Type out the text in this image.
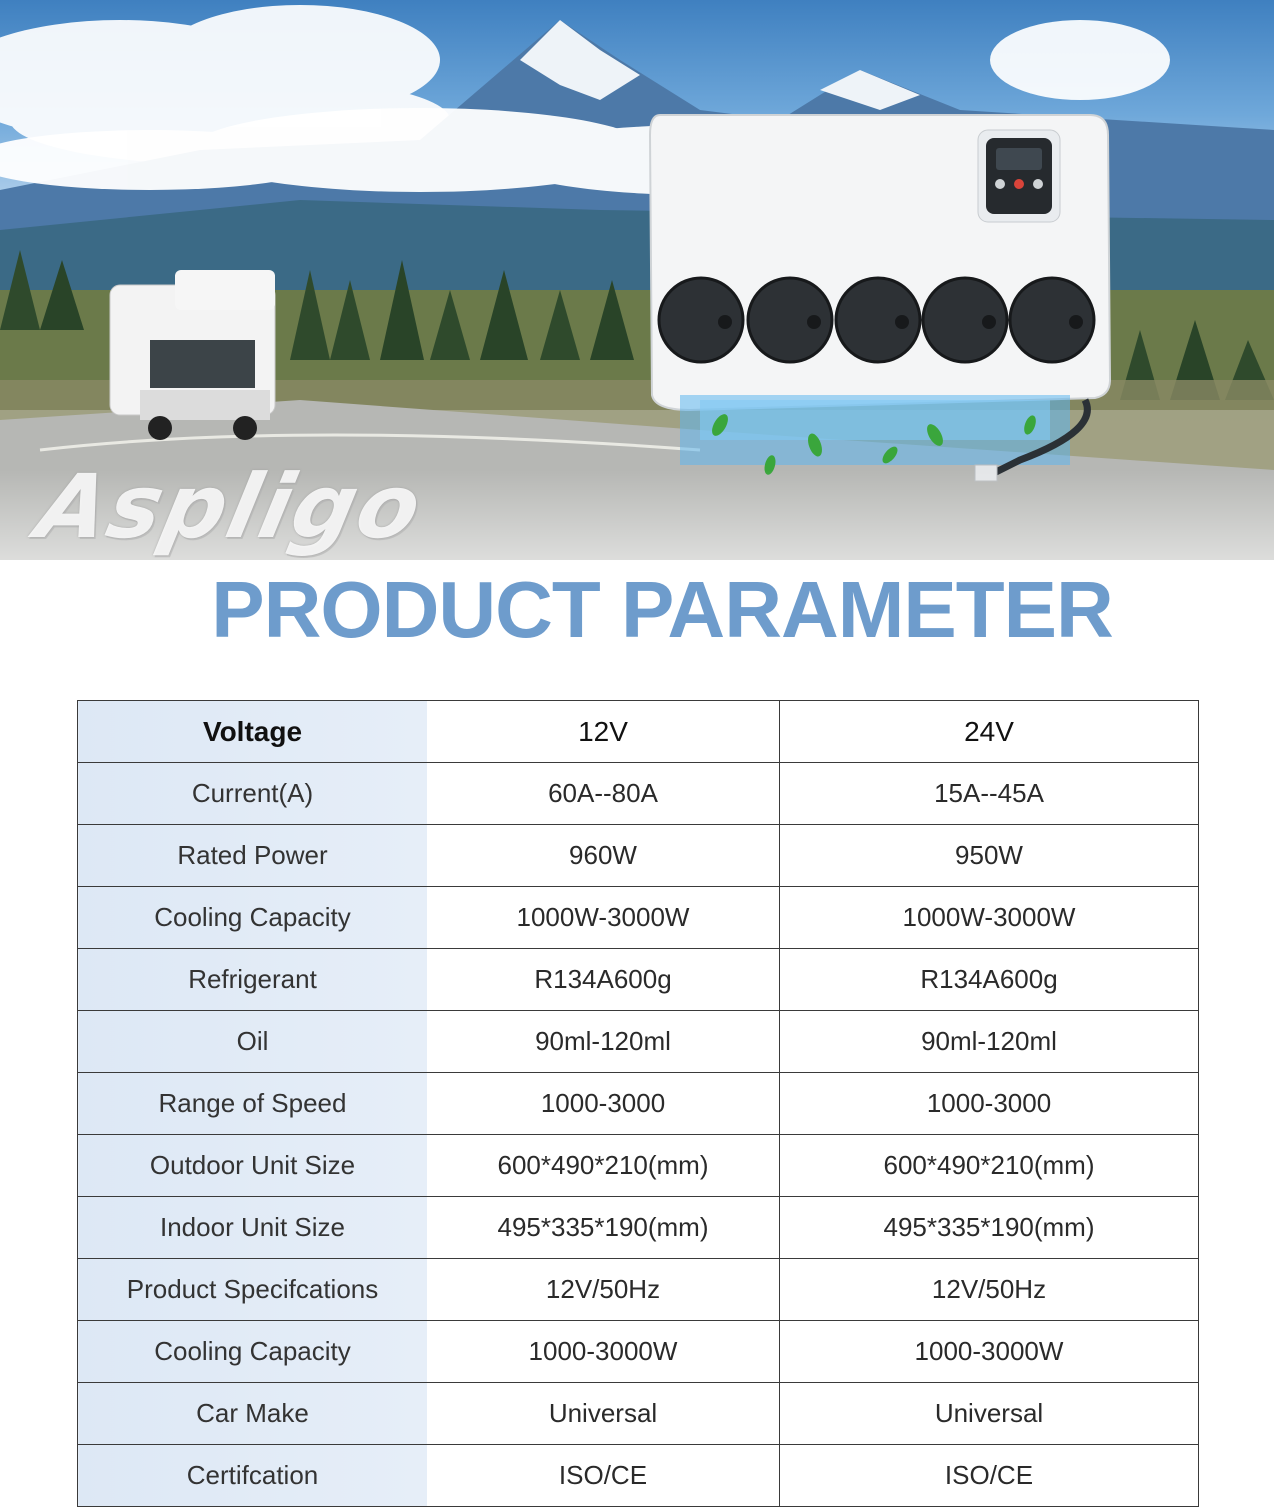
Aspligo
PRODUCT PARAMETER
Voltage	12V	24V
Current(A)	60A--80A	15A--45A
Rated Power	960W	950W
Cooling Capacity	1000W-3000W	1000W-3000W
Refrigerant	R134A600g	R134A600g
Oil	90ml-120ml	90ml-120ml
Range of Speed	1000-3000	1000-3000
Outdoor Unit Size	600*490*210(mm)	600*490*210(mm)
Indoor Unit Size	495*335*190(mm)	495*335*190(mm)
Product Specifcations	12V/50Hz	12V/50Hz
Cooling Capacity	1000-3000W	1000-3000W
Car Make	Universal	Universal
Certifcation	ISO/CE	ISO/CE
